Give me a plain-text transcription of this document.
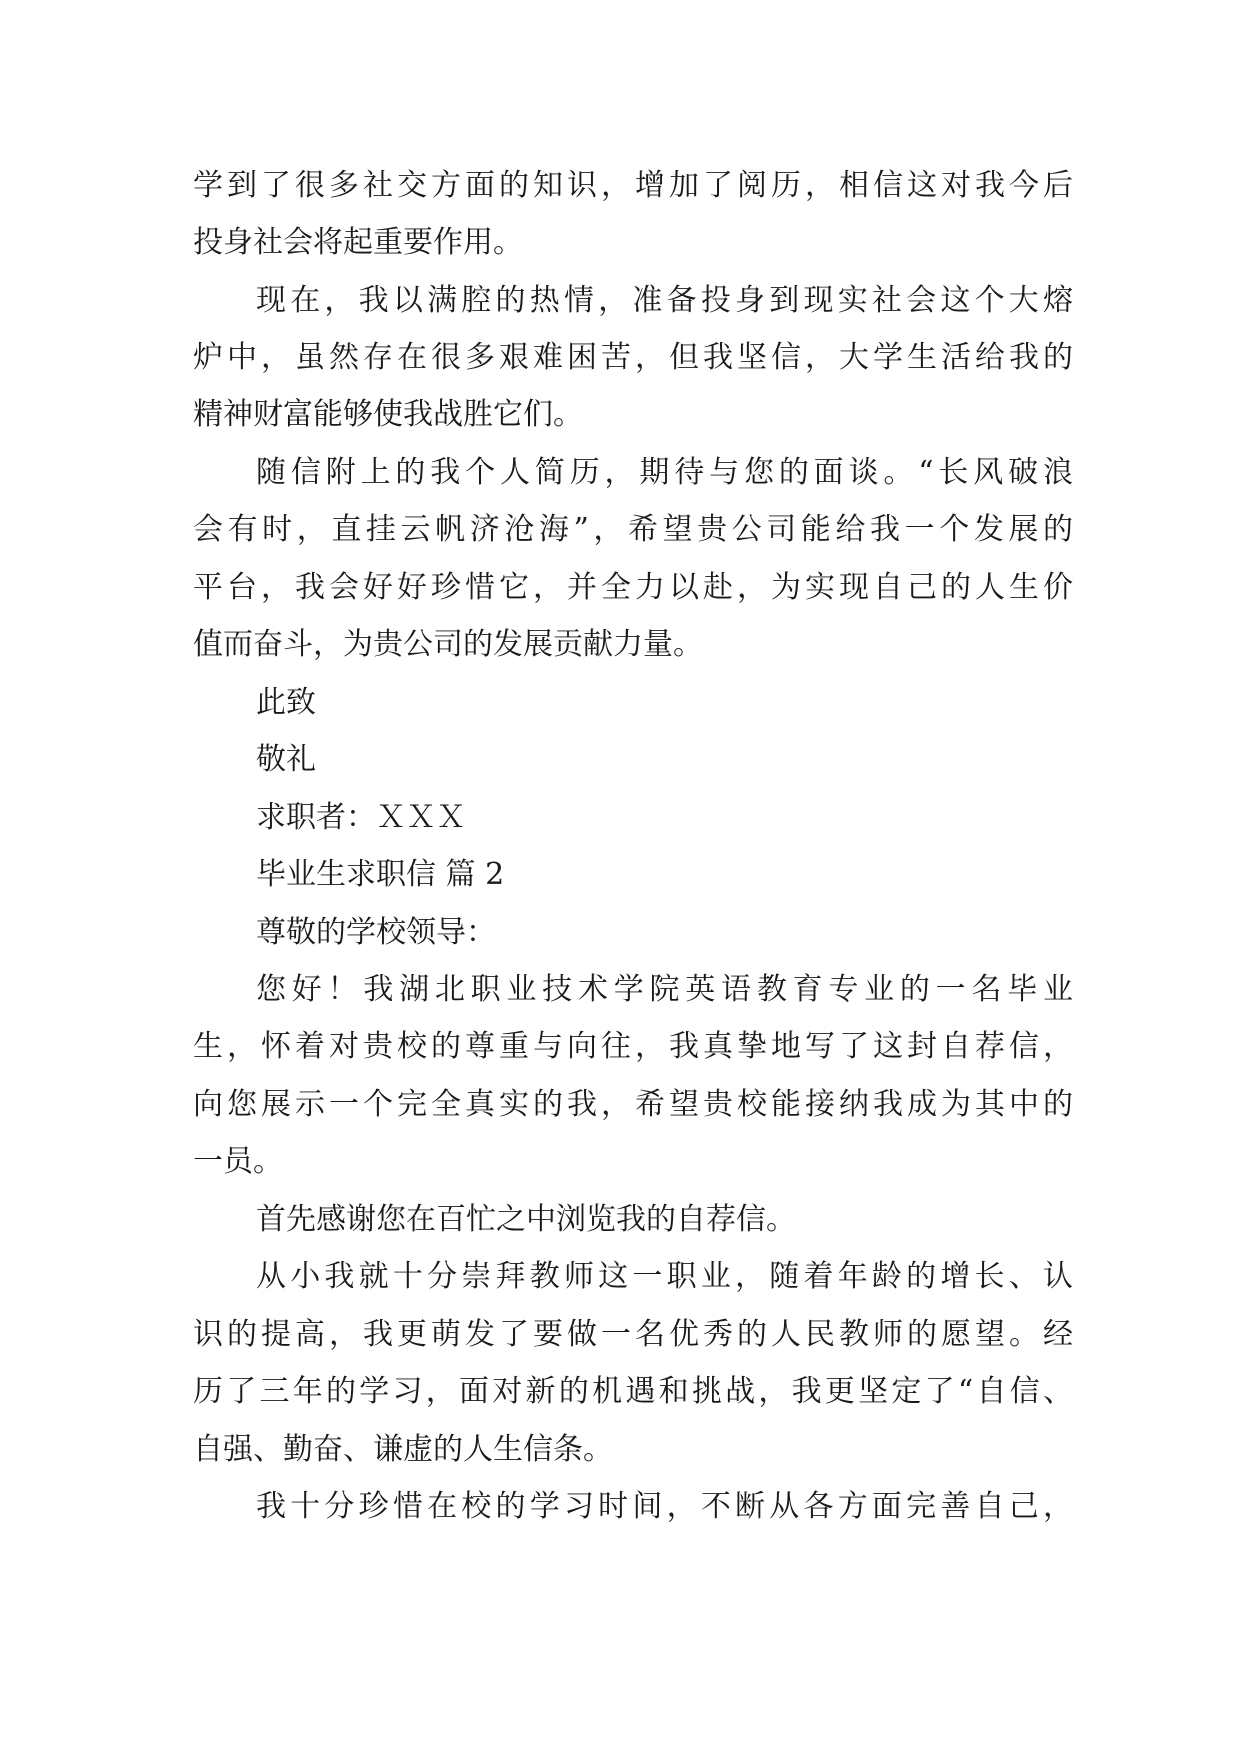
学到了很多社交方面的知识，增加了阅历，相信这对我今后
投身社会将起重要作用。
现在，我以满腔的热情，准备投身到现实社会这个大熔
炉中，虽然存在很多艰难困苦，但我坚信，大学生活给我的
精神财富能够使我战胜它们。
随信附上的我个人简历，期待与您的面谈。“长风破浪
会有时，直挂云帆济沧海”，希望贵公司能给我一个发展的
平台，我会好好珍惜它，并全力以赴，为实现自己的人生价
值而奋斗，为贵公司的发展贡献力量。
此致
敬礼
求职者：ＸＸＸ
毕业生求职信 篇 2
尊敬的学校领导：
您好！我湖北职业技术学院英语教育专业的一名毕业
生，怀着对贵校的尊重与向往，我真挚地写了这封自荐信，
向您展示一个完全真实的我，希望贵校能接纳我成为其中的
一员。
首先感谢您在百忙之中浏览我的自荐信。
从小我就十分崇拜教师这一职业，随着年龄的增长、认
识的提高，我更萌发了要做一名优秀的人民教师的愿望。经
历了三年的学习，面对新的机遇和挑战，我更坚定了“自信、
自强、勤奋、谦虚的人生信条。
我十分珍惜在校的学习时间，不断从各方面完善自己，
